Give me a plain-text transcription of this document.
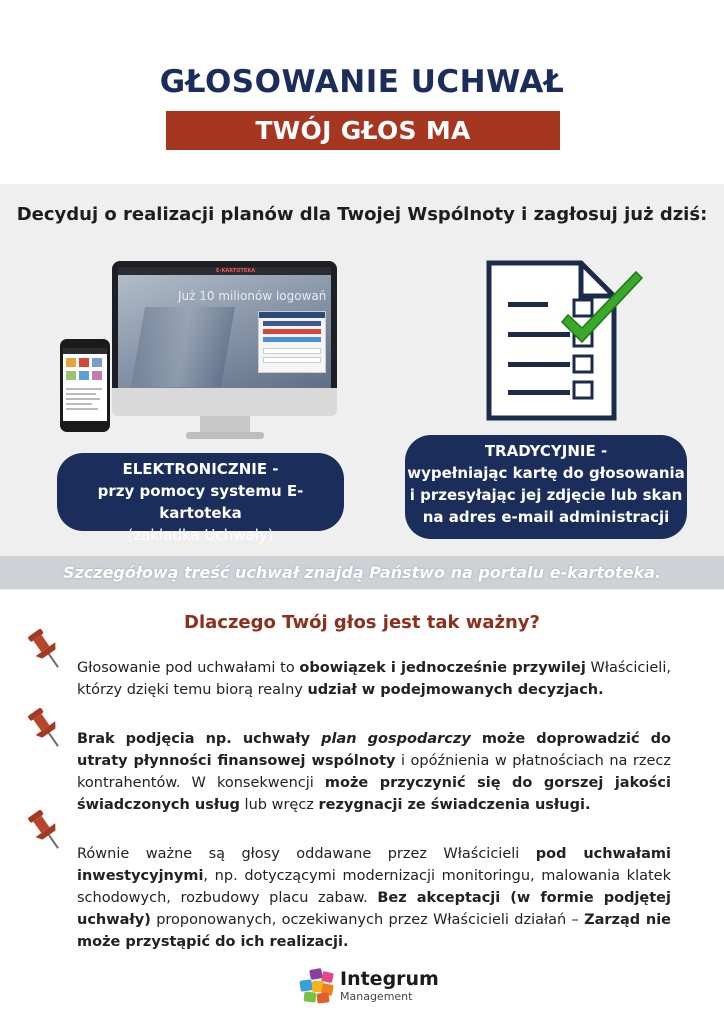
GŁOSOWANIE UCHWAŁ
TWÓJ GŁOS MA ZNACZENIE!
Decyduj o realizacji planów dla Twojej Wspólnoty i zagłosuj już dziś:
E-KARTOTEKA
Już 10 milionów logowań

ELEKTRONICZNIE -
przy pomocy systemu E-kartoteka
(zakładka Uchwały)
TRADYCYJNIE -
wypełniając kartę do głosowania
i przesyłając jej zdjęcie lub skan
na adres e-mail administracji
Szczegółową treść uchwał znajdą Państwo na portalu e-kartoteka.
Dlaczego Twój głos jest tak ważny?
Głosowanie pod uchwałami to obowiązek i jednocześnie przywilej Właścicieli, którzy dzięki temu biorą realny udział w podejmowanych decyzjach.
Brak podjęcia np. uchwały plan gospodarczy może doprowadzić do utraty płynności finansowej wspólnoty i opóźnienia w płatnościach na rzecz kontrahentów. W konsekwencji może przyczynić się do gorszej jakości świadczonych usług lub wręcz rezygnacji ze świadczenia usługi.
Równie ważne są głosy oddawane przez Właścicieli pod uchwałami inwestycyjnymi, np. dotyczącymi modernizacji monitoringu, malowania klatek schodowych, rozbudowy placu zabaw. Bez akceptacji (w formie podjętej uchwały) proponowanych, oczekiwanych przez Właścicieli działań – Zarząd nie może przystąpić do ich realizacji.
Integrum
Management
